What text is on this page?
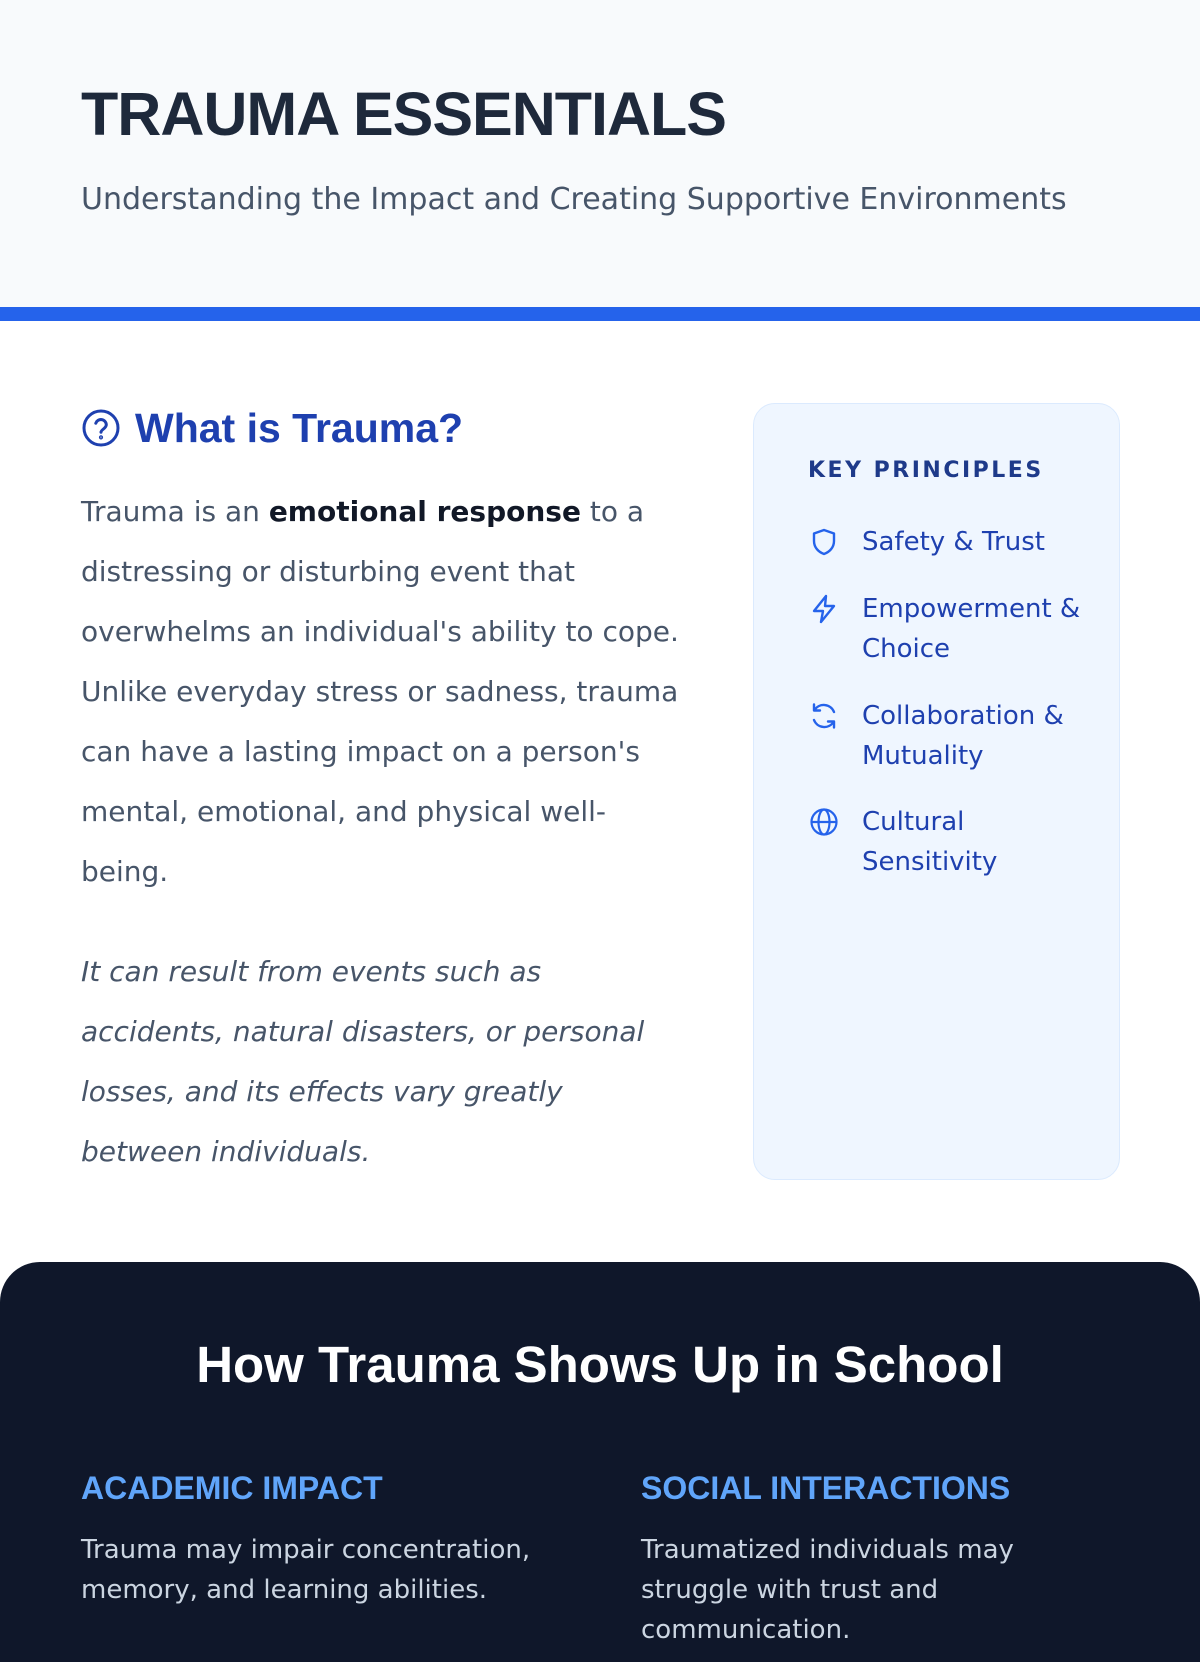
TRAUMA ESSENTIALS

Understanding the Impact and Creating Supportive Environments

What is Trauma?

Trauma is an emotional response to a distressing or disturbing event that overwhelms an individual's ability to cope. Unlike everyday stress or sadness, trauma can have a lasting impact on a person's mental, emotional, and physical well-being.

It can result from events such as accidents, natural disasters, or personal losses, and its effects vary greatly between individuals.

KEY PRINCIPLES
Safety & Trust
Empowerment & Choice
Collaboration & Mutuality
Cultural Sensitivity
How Trauma Shows Up in School
ACADEMIC IMPACT

Trauma may impair concentration, memory, and learning abilities.

SOCIAL INTERACTIONS

Traumatized individuals may struggle with trust and communication.
